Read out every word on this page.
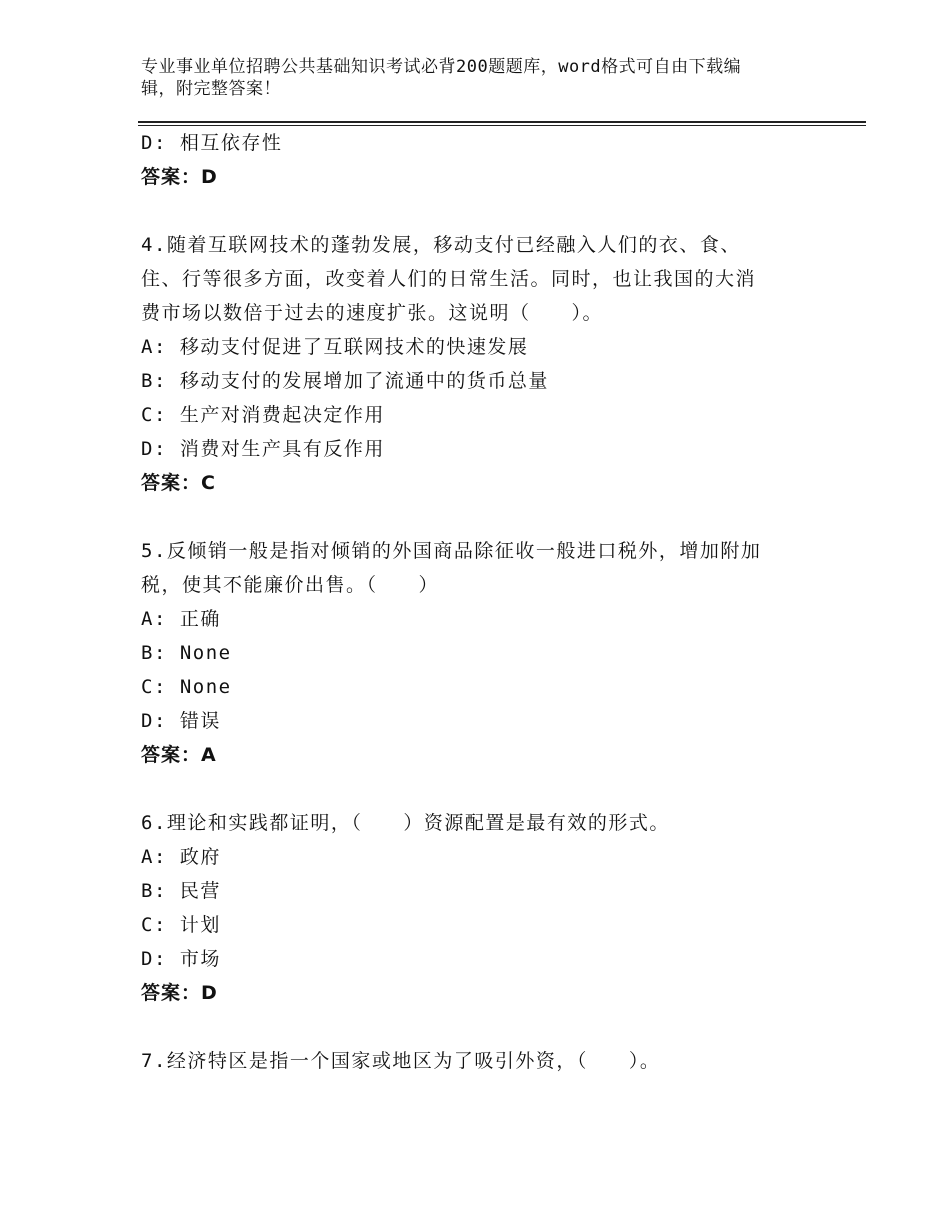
专业事业单位招聘公共基础知识考试必背200题题库，word格式可自由下载编
辑，附完整答案！
D: 相互依存性
答案：D
4.随着互联网技术的蓬勃发展，移动支付已经融入人们的衣、食、
住、行等很多方面，改变着人们的日常生活。同时，也让我国的大消
费市场以数倍于过去的速度扩张。这说明（　　）。
A: 移动支付促进了互联网技术的快速发展
B: 移动支付的发展增加了流通中的货币总量
C: 生产对消费起决定作用
D: 消费对生产具有反作用
答案：C
5.反倾销一般是指对倾销的外国商品除征收一般进口税外，增加附加
税，使其不能廉价出售。（　　）
A: 正确
B: None
C: None
D: 错误
答案：A
6.理论和实践都证明，（　　）资源配置是最有效的形式。
A: 政府
B: 民营
C: 计划
D: 市场
答案：D
7.经济特区是指一个国家或地区为了吸引外资，（　　）。
